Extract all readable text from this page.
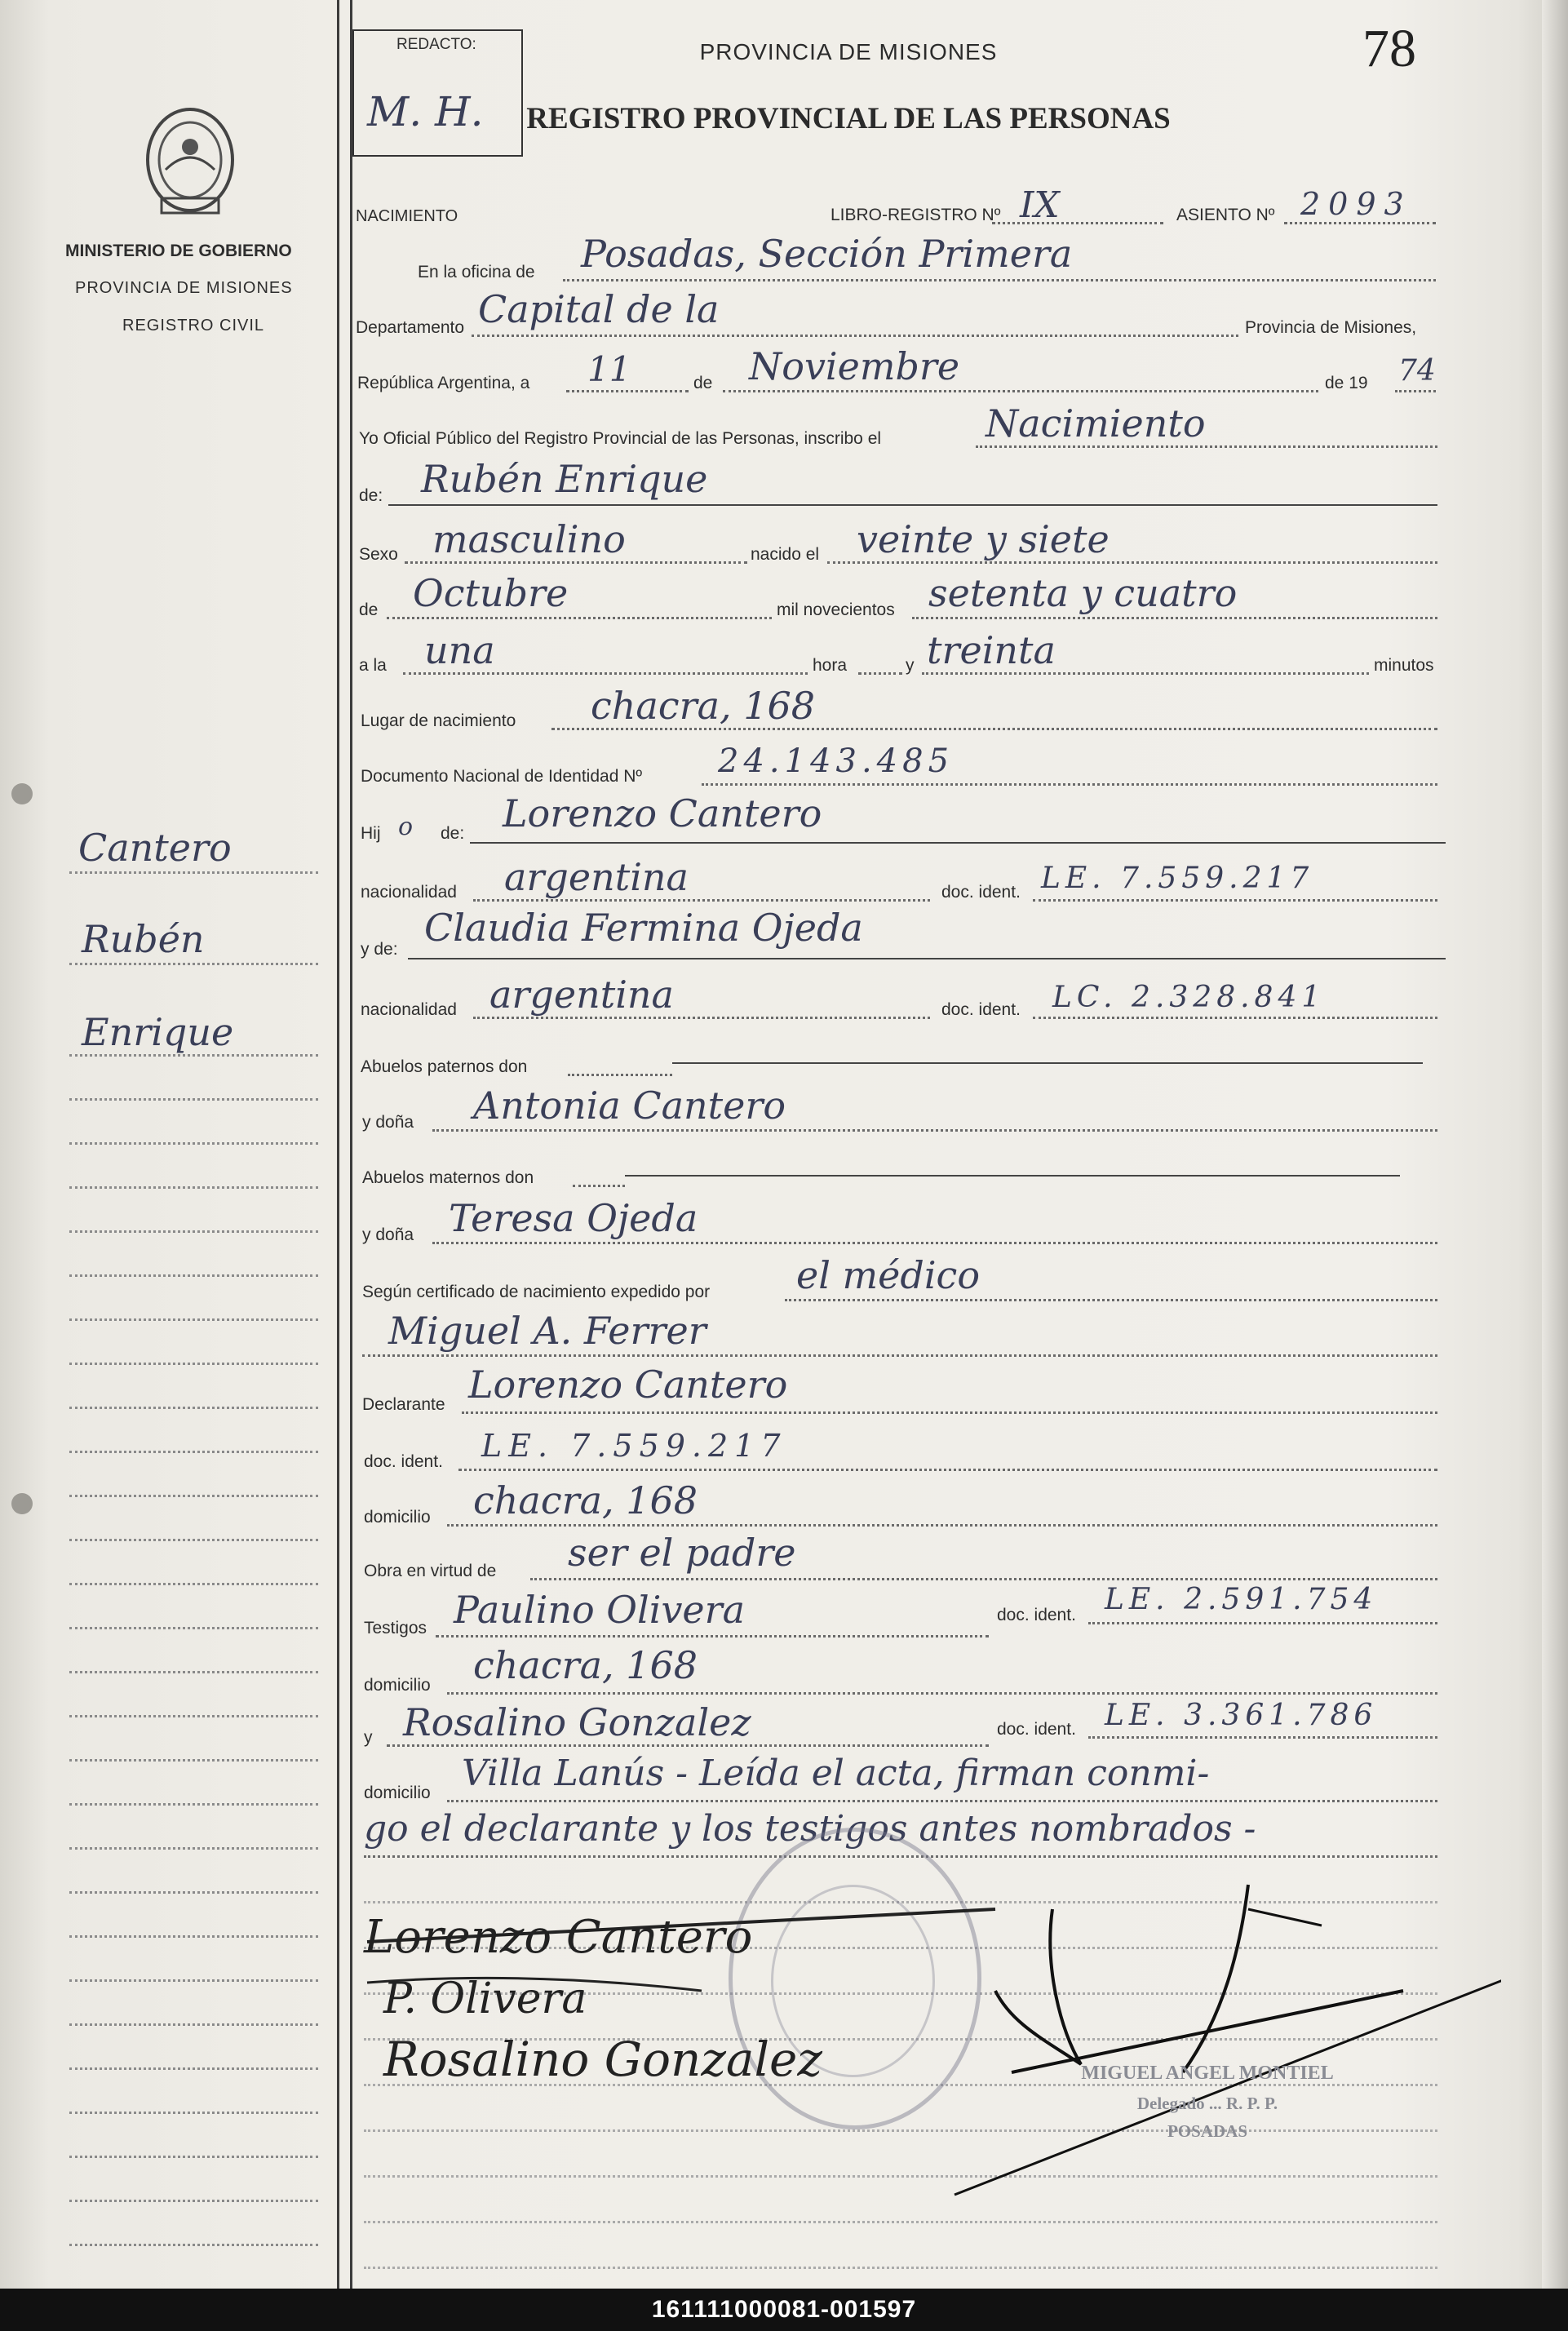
MINISTERIO DE GOBIERNO
PROVINCIA DE MISIONES
REGISTRO CIVIL
Cantero
Rubén
Enrique
REDACTO:
M. H.
PROVINCIA DE MISIONES
REGISTRO PROVINCIAL DE LAS PERSONAS
78
NACIMIENTO	LIBRO-REGISTRO Nº IX	ASIENTO Nº 2093
En la oficina de Posadas, Sección Primera
Departamento Capital de la	Provincia de Misiones,
República Argentina, a 11	de Noviembre	de 19 74
Yo Oficial Público del Registro Provincial de las Personas, inscribo el	Nacimiento
de: Rubén Enrique
Sexo masculino	nacido el veinte y siete
de Octubre	mil novecientos setenta y cuatro
a la una	hora	y treinta	minutos
Lugar de nacimiento chacra, 168
Documento Nacional de Identidad Nº 24.143.485
Hij o de: Lorenzo Cantero
nacionalidad argentina	doc. ident. LE. 7.559.217
y de: Claudia Fermina Ojeda
nacionalidad argentina	doc. ident. LC. 2.328.841
Abuelos paternos don
y doña Antonia Cantero
Abuelos maternos don
y doña Teresa Ojeda
Según certificado de nacimiento expedido por el médico
Miguel A. Ferrer
Declarante Lorenzo Cantero
doc. ident. LE. 7.559.217
domicilio chacra, 168
Obra en virtud de ser el padre
Testigos Paulino Olivera	doc. ident. LE. 2.591.754
domicilio chacra, 168
y Rosalino Gonzalez	doc. ident. LE. 3.361.786
domicilio Villa Lanús - Leída el acta, firman conmi-
go el declarante y los testigos antes nombrados -
Lorenzo Cantero
P. Olivera
Rosalino Gonzalez	MIGUEL ANGEL MONTIEL
Delegado ... R. P. P.
POSADAS
161111000081-001597
